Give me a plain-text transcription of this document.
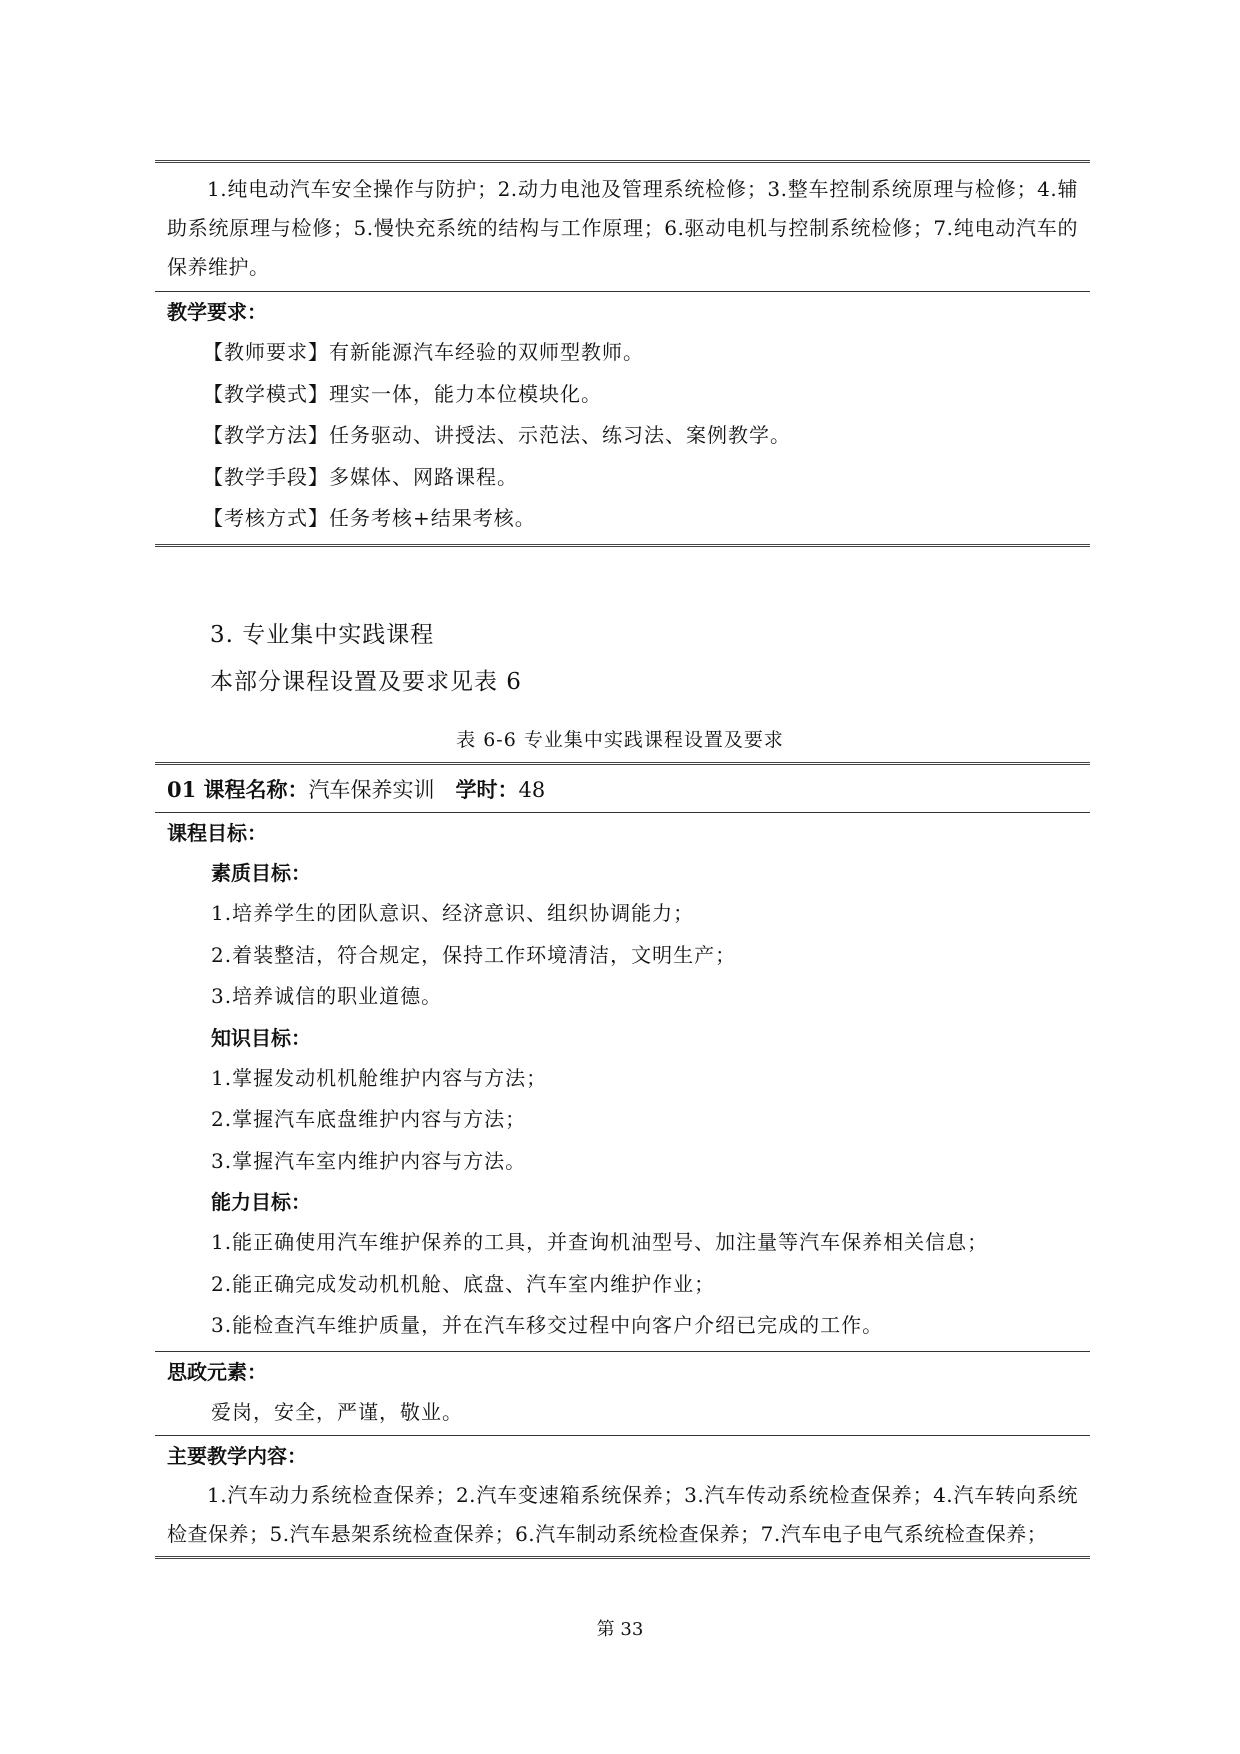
1.纯电动汽车安全操作与防护；2.动力电池及管理系统检修；3.整车控制系统原理与检修；4.辅助系统原理与检修；5.慢快充系统的结构与工作原理；6.驱动电机与控制系统检修；7.纯电动汽车的保养维护。

教学要求：

【教师要求】有新能源汽车经验的双师型教师。

【教学模式】理实一体，能力本位模块化。

【教学方法】任务驱动、讲授法、示范法、练习法、案例教学。

【教学手段】多媒体、网路课程。

【考核方式】任务考核+结果考核。

3. 专业集中实践课程
本部分课程设置及要求见表 6
表 6-6 专业集中实践课程设置及要求

01 课程名称：汽车保养实训　 学时：48

课程目标：

素质目标：

1.培养学生的团队意识、经济意识、组织协调能力；

2.着装整洁，符合规定，保持工作环境清洁，文明生产；

3.培养诚信的职业道德。

知识目标：

1.掌握发动机机舱维护内容与方法；

2.掌握汽车底盘维护内容与方法；

3.掌握汽车室内维护内容与方法。

能力目标：

1.能正确使用汽车维护保养的工具，并查询机油型号、加注量等汽车保养相关信息；

2.能正确完成发动机机舱、底盘、汽车室内维护作业；

3.能检查汽车维护质量，并在汽车移交过程中向客户介绍已完成的工作。

思政元素：

爱岗，安全，严谨，敬业。

主要教学内容：

1.汽车动力系统检查保养；2.汽车变速箱系统保养；3.汽车传动系统检查保养；4.汽车转向系统检查保养；5.汽车悬架系统检查保养；6.汽车制动系统检查保养；7.汽车电子电气系统检查保养；

第 33
